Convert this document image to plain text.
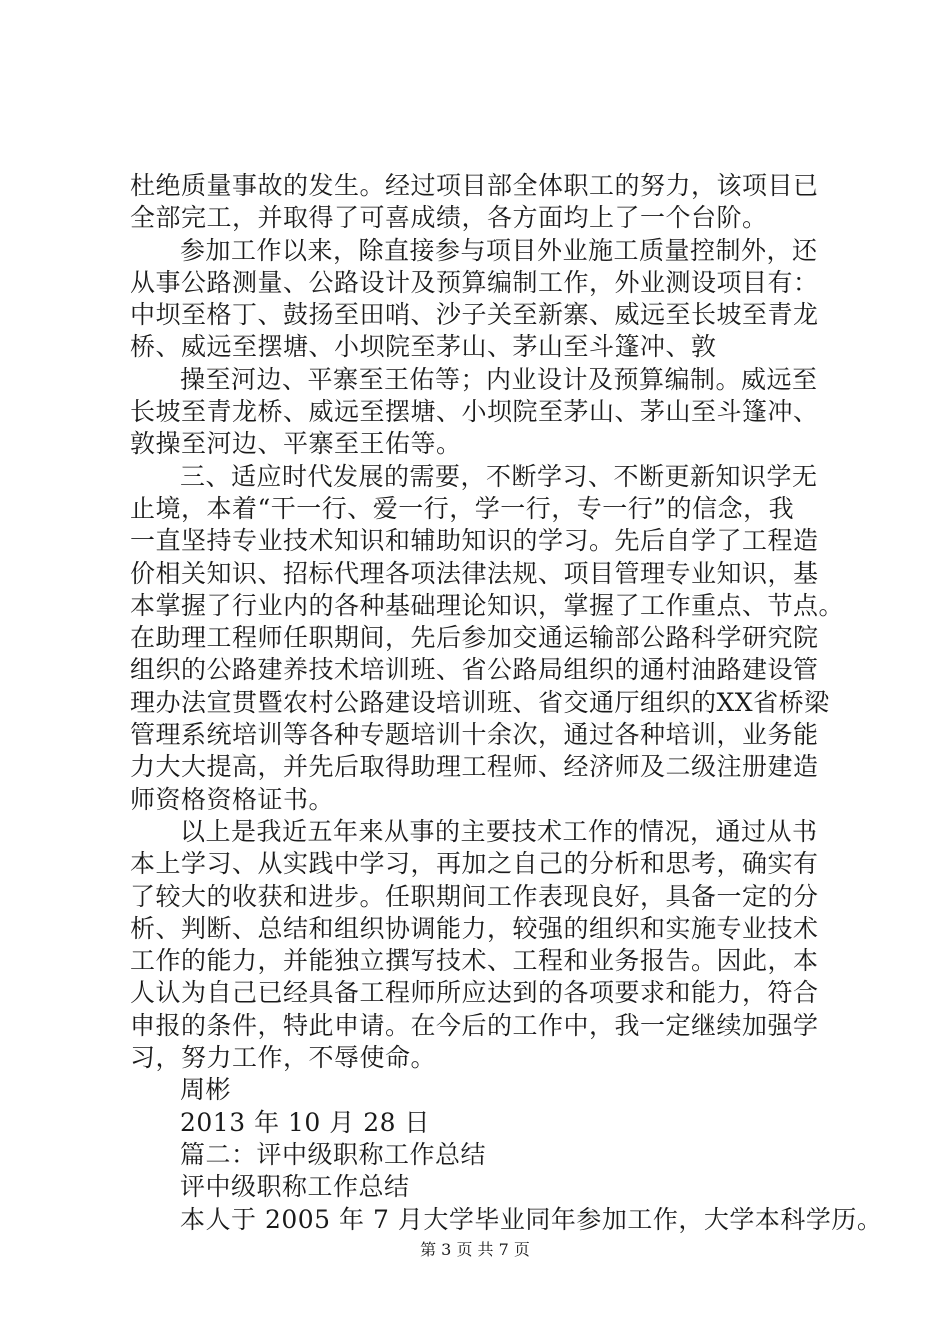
杜绝质量事故的发生。经过项目部全体职工的努力，该项目已
全部完工，并取得了可喜成绩，各方面均上了一个台阶。
参加工作以来，除直接参与项目外业施工质量控制外，还
从事公路测量、公路设计及预算编制工作，外业测设项目有：
中坝至格丁、鼓扬至田哨、沙子关至新寨、威远至长坡至青龙
桥、威远至摆塘、小坝院至茅山、茅山至斗篷冲、敦
操至河边、平寨至王佑等；内业设计及预算编制。威远至
长坡至青龙桥、威远至摆塘、小坝院至茅山、茅山至斗篷冲、
敦操至河边、平寨至王佑等。
三、适应时代发展的需要，不断学习、不断更新知识学无
止境，本着“干一行、爱一行，学一行，专一行”的信念，我
一直坚持专业技术知识和辅助知识的学习。先后自学了工程造
价相关知识、招标代理各项法律法规、项目管理专业知识，基
本掌握了行业内的各种基础理论知识，掌握了工作重点、节点。
在助理工程师任职期间，先后参加交通运输部公路科学研究院
组织的公路建养技术培训班、省公路局组织的通村油路建设管
理办法宣贯暨农村公路建设培训班、省交通厅组织的XX省桥梁
管理系统培训等各种专题培训十余次，通过各种培训，业务能
力大大提高，并先后取得助理工程师、经济师及二级注册建造
师资格资格证书。
以上是我近五年来从事的主要技术工作的情况，通过从书
本上学习、从实践中学习，再加之自己的分析和思考，确实有
了较大的收获和进步。任职期间工作表现良好，具备一定的分
析、判断、总结和组织协调能力，较强的组织和实施专业技术
工作的能力，并能独立撰写技术、工程和业务报告。因此，本
人认为自己已经具备工程师所应达到的各项要求和能力，符合
申报的条件，特此申请。在今后的工作中，我一定继续加强学
习，努力工作，不辱使命。
周彬
2013 年 10 月 28 日
篇二：评中级职称工作总结
评中级职称工作总结
本人于 2005 年 7 月大学毕业同年参加工作，大学本科学历。
第 3 页 共 7 页
